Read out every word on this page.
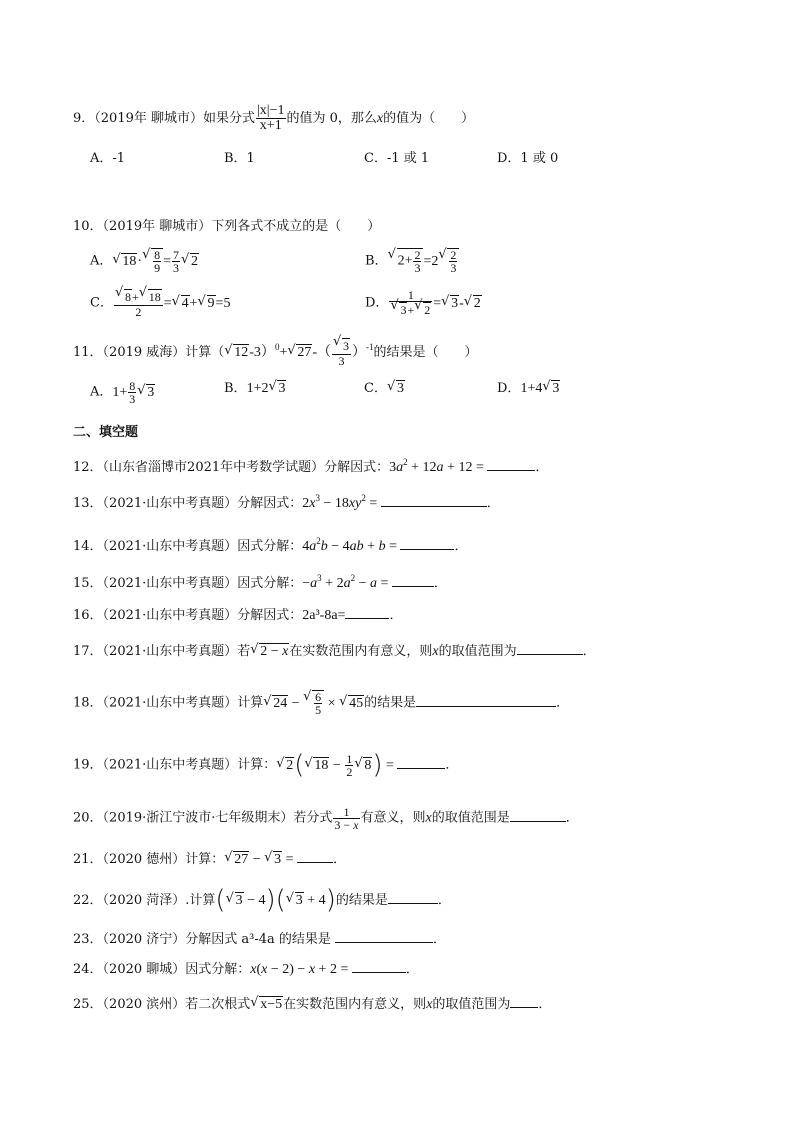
9．（2019年 聊城市）如果分式 $\frac{|x|-1}{x+1}$ 的值为 0，那么x的值为（　　）
A．-1	B．1	C．-1 或 1	D．1 或 0
10．（2019年 聊城市）下列各式不成立的是（　　）
A． √ 18· √ $\frac{8}{9} = \frac{7}{3}$ √ 2	B． √ $2+ \frac{2}{3} =2$ √ $\frac{2}{3}$
C． √ $\frac{8+ √ 18}{2}$ = √ 4+ √ 9=5	D． 1
√ 3+ √ 2 = √ 3- √ 2
11．（2019 威海）计算（ √ 12-3）$^0$+ √ 27-（ √ $\frac{3}{3} )^{-1}$的结果是（　　）
A．$1+ \frac{8}{3}$ √ 3	B．1+2 √ 3	C． √ 3	D．1+4 √ 3
二、填空题
12．（山东省淄博市2021年中考数学试题）分解因式：$3a^2 + 12a + 12$ =	．
13．（2021·山东中考真题）分解因式：$2x^3 - 18xy^2$ =	．
14．（2021·山东中考真题）因式分解：$4a^2b - 4ab + b$ =	．
15．（2021·山东中考真题）因式分解：$-a^3 + 2a^2 - a$ =	．
16．（2021·山东中考真题）分解因式：2a³-8a=	．
17．（2021·山东中考真题）若 √ 2 − x在实数范围内有意义，则x的取值范围为	．
18．（2021·山东中考真题）计算 √ 24 − √ $\frac{6}{5}$ × √ 45的结果是	．
19．（2021·山东中考真题）计算： √ 2( √ $18 - \frac{1}{2}$ √ 8) =	．
20．（2019·浙江宁波市·七年级期末）若分式 $\frac{1}{3 - x}$ 有意义，则x的取值范围是	．
21．（2020 德州）计算： √ 27 − √ 3 =	．
22．（2020 菏泽）.计算( √ 3 − 4)( √ 3 + 4)的结果是	．
23．（2020 济宁）分解因式 a³-4a 的结果是	．
24．（2020 聊城）因式分解：x(x − 2) − x + 2 =	．
25．（2020 滨州）若二次根式 √ x−5在实数范围内有意义，则x的取值范围为 ．
